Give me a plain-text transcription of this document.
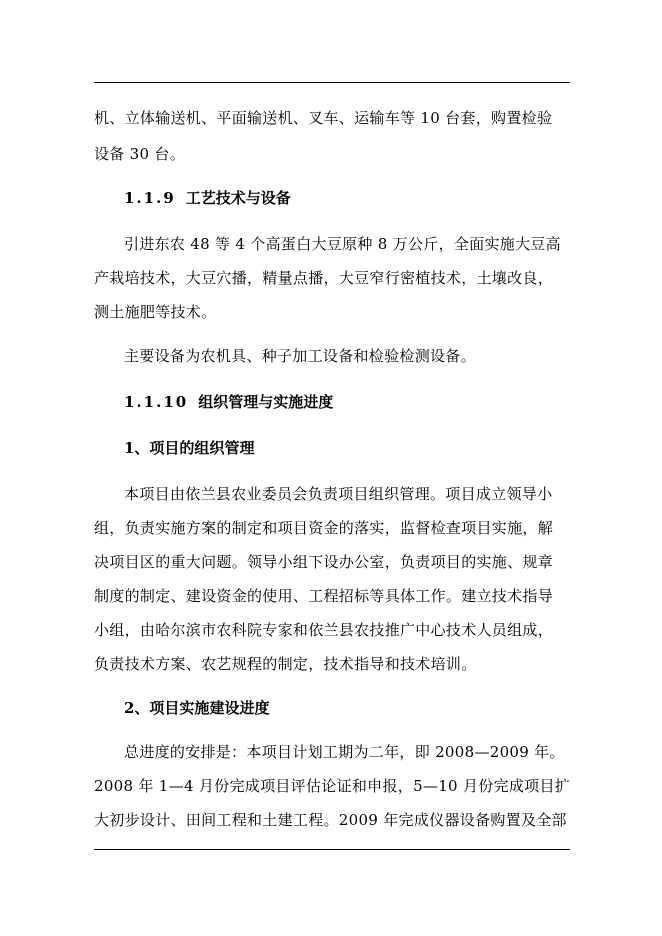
机、立体输送机、平面输送机、叉车、运输车等 10 台套，购置检验
设备 30 台。
1.1.9 工艺技术与设备
引进东农 48 等 4 个高蛋白大豆原种 8 万公斤，全面实施大豆高
产栽培技术，大豆穴播，精量点播，大豆窄行密植技术，土壤改良，
测土施肥等技术。
主要设备为农机具、种子加工设备和检验检测设备。
1.1.10 组织管理与实施进度
1、项目的组织管理
本项目由依兰县农业委员会负责项目组织管理。项目成立领导小
组，负责实施方案的制定和项目资金的落实，监督检查项目实施，解
决项目区的重大问题。领导小组下设办公室，负责项目的实施、规章
制度的制定、建设资金的使用、工程招标等具体工作。建立技术指导
小组，由哈尔滨市农科院专家和依兰县农技推广中心技术人员组成，
负责技术方案、农艺规程的制定，技术指导和技术培训。
2、项目实施建设进度
总进度的安排是：本项目计划工期为二年，即 2008—2009 年。
2008 年 1—4 月份完成项目评估论证和申报，5—10 月份完成项目扩
大初步设计、田间工程和土建工程。2009 年完成仪器设备购置及全部
